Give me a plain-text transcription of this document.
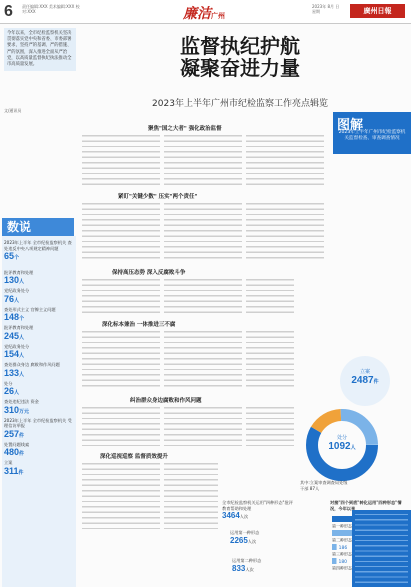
6 责任编辑:XXX 美术编辑:XXX 校对:XXX	廉洁广州
2023年 8月 日 星期	廣州日報
今年以来，全市纪检监察机关坚决贯彻落实党中央和省委、市委部署要求，坚持严的基调、严的措施、严的氛围，深入推进全面从严治党，以高质量监督执纪执法推动全市高质量发展。
文/通讯员
监督执纪护航
凝聚奋进力量
2023年上半年广州市纪检监察工作亮点辑览
图解
2023年上半年广州市纪检监察机关监督检查、审查调查情况
聚焦"国之大者" 强化政治监督
紧盯"关键少数" 压实"两个责任"
保持高压态势 深入反腐败斗争
深化标本兼治 一体推进三不腐
纠治群众身边腐败和作风问题
深化巡视巡察 监督质效提升
数说
2023年上半年 全市纪检监察机关 查处违反中央八项规定精神问题
65个
批评教育和处理
130人
党纪政务处分
76人
查处形式主义 官僚主义问题
148个
批评教育和处理
245人
党纪政务处分
154人
查处群众身边 腐败和作风问题
133人
处分
26人
查处违纪违法 资金
310万元
2023年上半年 全市纪检监察机关 受理信访举报
257件
处置问题线索
480件
立案
311件
立案
2487件
处分
1092人
其中:立案审查调查局处级干部 87人
对接"四个到底"转化运用"四种形态"情况，今年以来
第一种形态
第二种形态
第三种形态
186
第四种形态
180
全市纪检监察机关运用"四种形态"批评教育帮助和处理
3464人次
运用第一种形态
2265人次
运用第二种形态
833人次
